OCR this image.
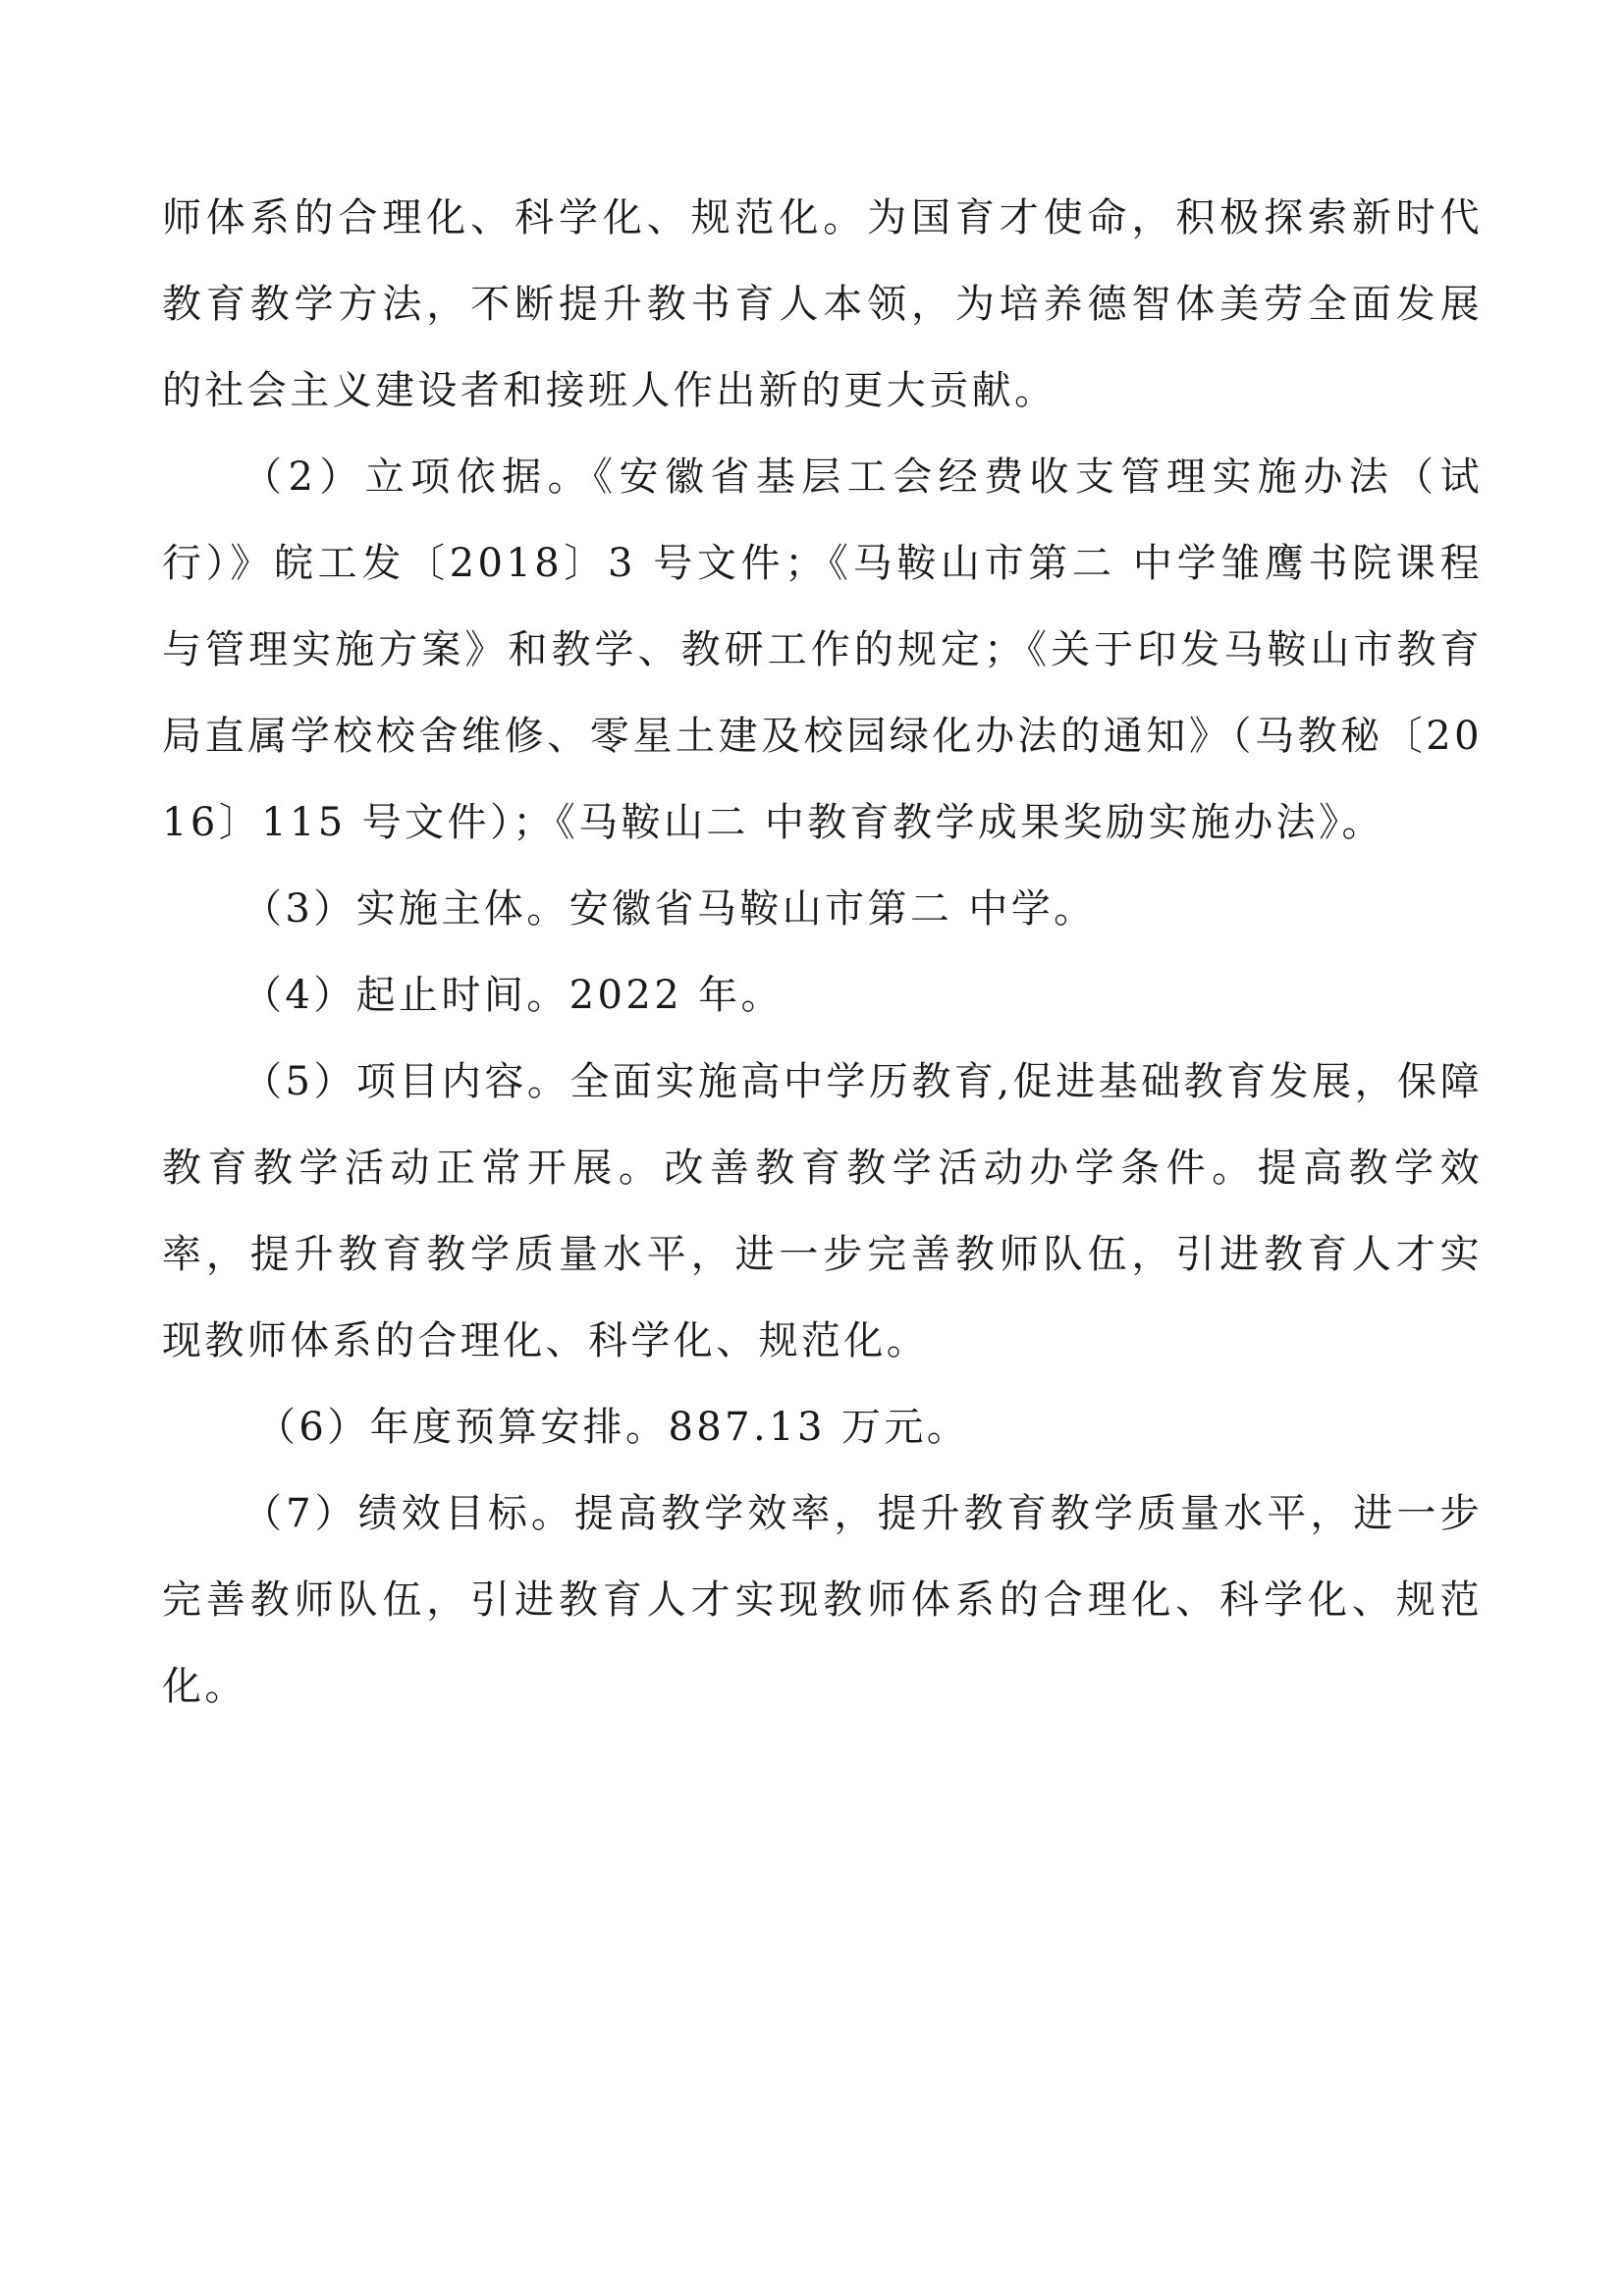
师体系的合理化、科学化、规范化。为国育才使命，积极探索新时代教育教学方法，不断提升教书育人本领，为培养德智体美劳全面发展的社会主义建设者和接班人作出新的更大贡献。

（2）立项依据。《安徽省基层工会经费收支管理实施办法（试行）》皖工发〔2018〕3 号文件；《马鞍山市第二 中学雏鹰书院课程与管理实施方案》和教学、教研工作的规定；《关于印发马鞍山市教育局直属学校校舍维修、零星土建及校园绿化办法的通知》（马教秘〔2016〕115 号文件）；《马鞍山二 中教育教学成果奖励实施办法》。

（3）实施主体。安徽省马鞍山市第二 中学。

（4）起止时间。2022 年。

（5）项目内容。全面实施高中学历教育,促进基础教育发展，保障教育教学活动正常开展。改善教育教学活动办学条件。提高教学效率，提升教育教学质量水平，进一步完善教师队伍，引进教育人才实现教师体系的合理化、科学化、规范化。

（6）年度预算安排。887.13 万元。

（7）绩效目标。提高教学效率，提升教育教学质量水平，进一步完善教师队伍，引进教育人才实现教师体系的合理化、科学化、规范化。
